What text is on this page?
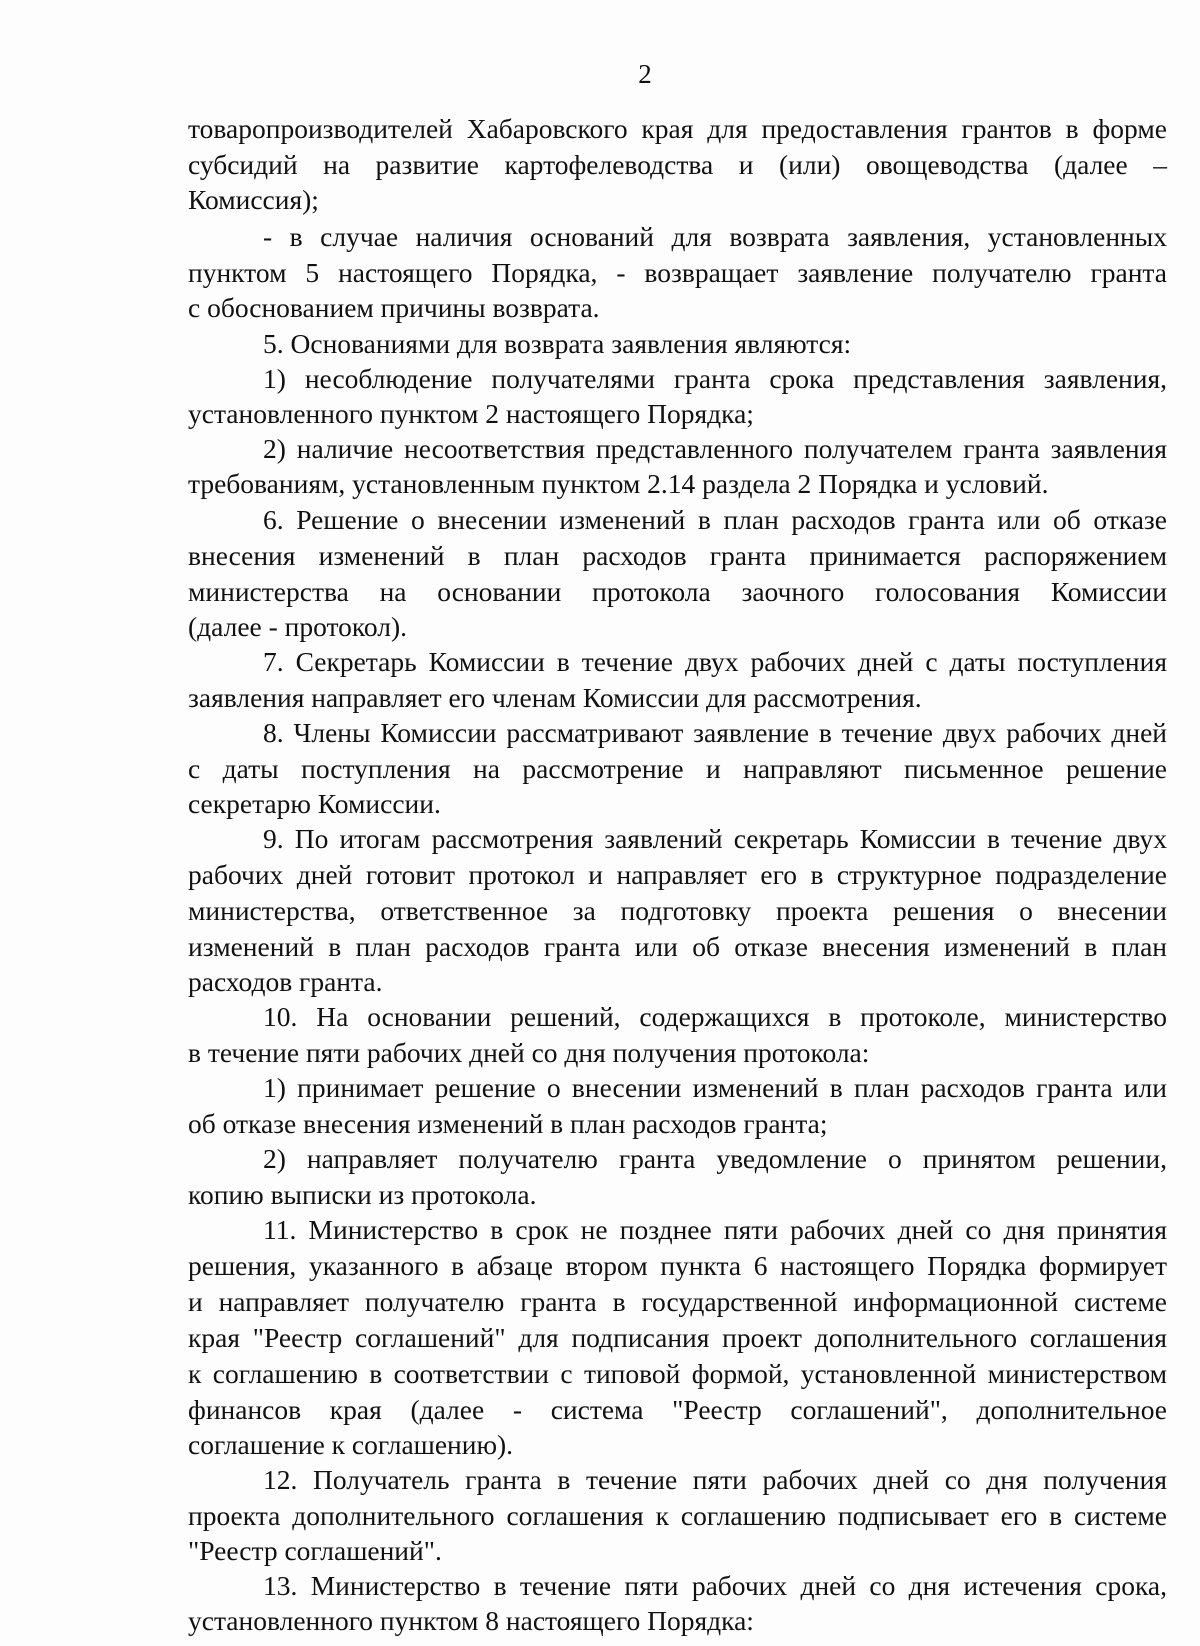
2
товаропроизводителей Хабаровского края для предоставления грантов в форме
субсидий на развитие картофелеводства и (или) овощеводства (далее –
Комиссия);
- в случае наличия оснований для возврата заявления, установленных
пунктом 5 настоящего Порядка, - возвращает заявление получателю гранта
с обоснованием причины возврата.
5. Основаниями для возврата заявления являются:
1) несоблюдение получателями гранта срока представления заявления,
установленного пунктом 2 настоящего Порядка;
2) наличие несоответствия представленного получателем гранта заявления
требованиям, установленным пунктом 2.14 раздела 2 Порядка и условий.
6. Решение о внесении изменений в план расходов гранта или об отказе
внесения изменений в план расходов гранта принимается распоряжением
министерства на основании протокола заочного голосования Комиссии
(далее - протокол).
7. Секретарь Комиссии в течение двух рабочих дней с даты поступления
заявления направляет его членам Комиссии для рассмотрения.
8. Члены Комиссии рассматривают заявление в течение двух рабочих дней
с даты поступления на рассмотрение и направляют письменное решение
секретарю Комиссии.
9. По итогам рассмотрения заявлений секретарь Комиссии в течение двух
рабочих дней готовит протокол и направляет его в структурное подразделение
министерства, ответственное за подготовку проекта решения о внесении
изменений в план расходов гранта или об отказе внесения изменений в план
расходов гранта.
10. На основании решений, содержащихся в протоколе, министерство
в течение пяти рабочих дней со дня получения протокола:
1) принимает решение о внесении изменений в план расходов гранта или
об отказе внесения изменений в план расходов гранта;
2) направляет получателю гранта уведомление о принятом решении,
копию выписки из протокола.
11. Министерство в срок не позднее пяти рабочих дней со дня принятия
решения, указанного в абзаце втором пункта 6 настоящего Порядка формирует
и направляет получателю гранта в государственной информационной системе
края "Реестр соглашений" для подписания проект дополнительного соглашения
к соглашению в соответствии с типовой формой, установленной министерством
финансов края (далее - система "Реестр соглашений", дополнительное
соглашение к соглашению).
12. Получатель гранта в течение пяти рабочих дней со дня получения
проекта дополнительного соглашения к соглашению подписывает его в системе
"Реестр соглашений".
13. Министерство в течение пяти рабочих дней со дня истечения срока,
установленного пунктом 8 настоящего Порядка:
